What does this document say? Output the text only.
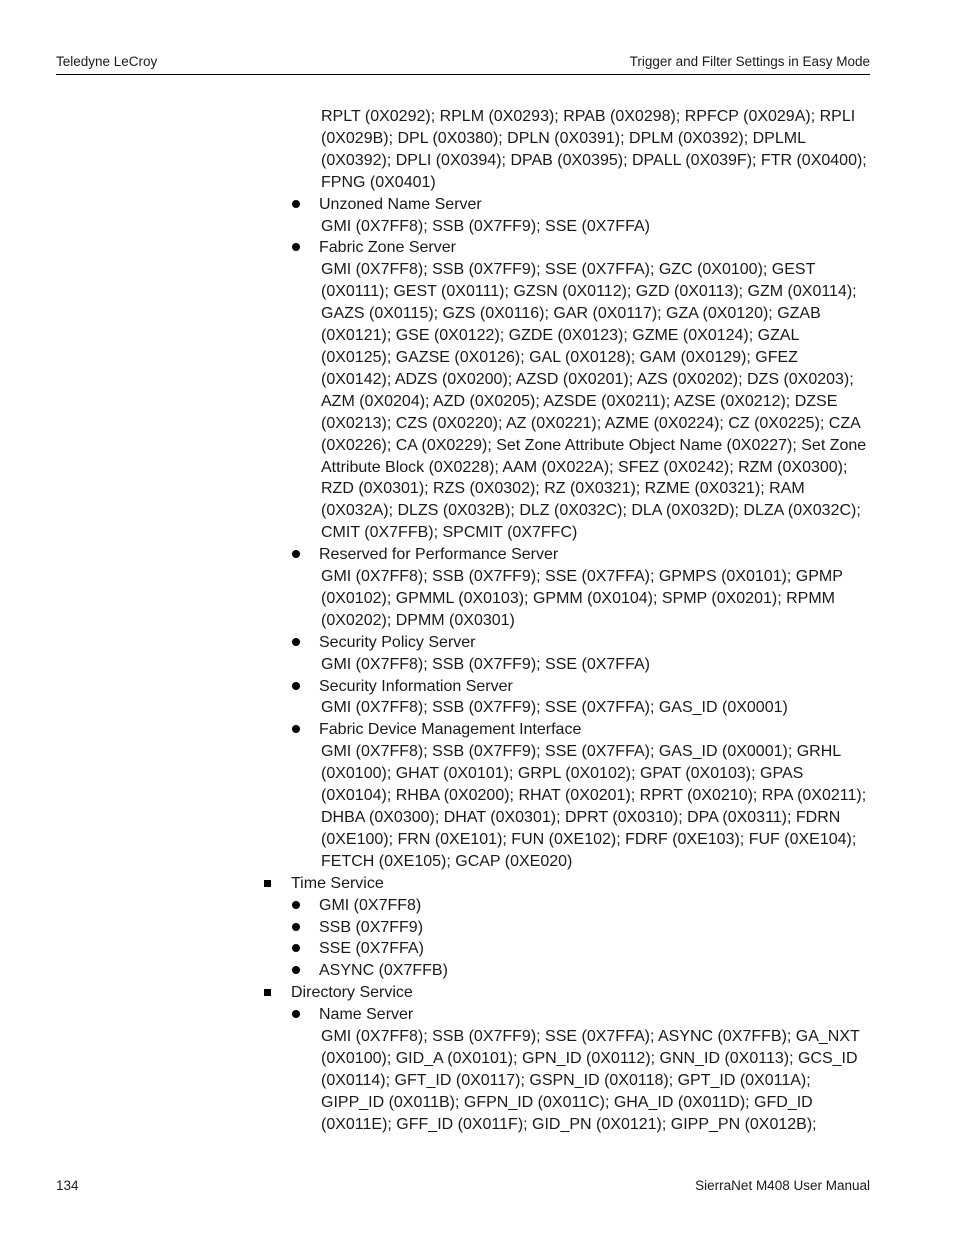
Teledyne LeCroy	Trigger and Filter Settings in Easy Mode
RPLT (0X0292); RPLM (0X0293); RPAB (0X0298); RPFCP (0X029A); RPLI (0X029B); DPL (0X0380); DPLN (0X0391); DPLM (0X0392); DPLML (0X0392); DPLI (0X0394); DPAB (0X0395); DPALL (0X039F); FTR (0X0400); FPNG (0X0401)
Unzoned Name Server
GMI (0X7FF8); SSB (0X7FF9); SSE (0X7FFA)
Fabric Zone Server
GMI (0X7FF8); SSB (0X7FF9); SSE (0X7FFA); GZC (0X0100); GEST (0X0111); GEST (0X0111); GZSN (0X0112); GZD (0X0113); GZM (0X0114); GAZS (0X0115); GZS (0X0116); GAR (0X0117); GZA (0X0120); GZAB (0X0121); GSE (0X0122); GZDE (0X0123); GZME (0X0124); GZAL (0X0125); GAZSE (0X0126); GAL (0X0128); GAM (0X0129); GFEZ (0X0142); ADZS (0X0200); AZSD (0X0201); AZS (0X0202); DZS (0X0203); AZM (0X0204); AZD (0X0205); AZSDE (0X0211); AZSE (0X0212); DZSE (0X0213); CZS (0X0220); AZ (0X0221); AZME (0X0224); CZ (0X0225); CZA (0X0226); CA (0X0229); Set Zone Attribute Object Name (0X0227); Set Zone Attribute Block (0X0228); AAM (0X022A); SFEZ (0X0242); RZM (0X0300); RZD (0X0301); RZS (0X0302); RZ (0X0321); RZME (0X0321); RAM (0X032A); DLZS (0X032B); DLZ (0X032C); DLA (0X032D); DLZA (0X032C); CMIT (0X7FFB); SPCMIT (0X7FFC)
Reserved for Performance Server
GMI (0X7FF8); SSB (0X7FF9); SSE (0X7FFA); GPMPS (0X0101); GPMP (0X0102); GPMML (0X0103); GPMM (0X0104); SPMP (0X0201); RPMM (0X0202); DPMM (0X0301)
Security Policy Server
GMI (0X7FF8); SSB (0X7FF9); SSE (0X7FFA)
Security Information Server
GMI (0X7FF8); SSB (0X7FF9); SSE (0X7FFA); GAS_ID (0X0001)
Fabric Device Management Interface
GMI (0X7FF8); SSB (0X7FF9); SSE (0X7FFA); GAS_ID (0X0001); GRHL (0X0100); GHAT (0X0101); GRPL (0X0102); GPAT (0X0103); GPAS (0X0104); RHBA (0X0200); RHAT (0X0201); RPRT (0X0210); RPA (0X0211); DHBA (0X0300); DHAT (0X0301); DPRT (0X0310); DPA (0X0311); FDRN (0XE100); FRN (0XE101); FUN (0XE102); FDRF (0XE103); FUF (0XE104); FETCH (0XE105); GCAP (0XE020)
Time Service
GMI (0X7FF8)
SSB (0X7FF9)
SSE (0X7FFA)
ASYNC (0X7FFB)
Directory Service
Name Server
GMI (0X7FF8); SSB (0X7FF9); SSE (0X7FFA); ASYNC (0X7FFB); GA_NXT (0X0100); GID_A (0X0101); GPN_ID (0X0112); GNN_ID (0X0113); GCS_ID (0X0114); GFT_ID (0X0117); GSPN_ID (0X0118); GPT_ID (0X011A); GIPP_ID (0X011B); GFPN_ID (0X011C); GHA_ID (0X011D); GFD_ID (0X011E); GFF_ID (0X011F); GID_PN (0X0121); GIPP_PN (0X012B);
134	SierraNet M408 User Manual
